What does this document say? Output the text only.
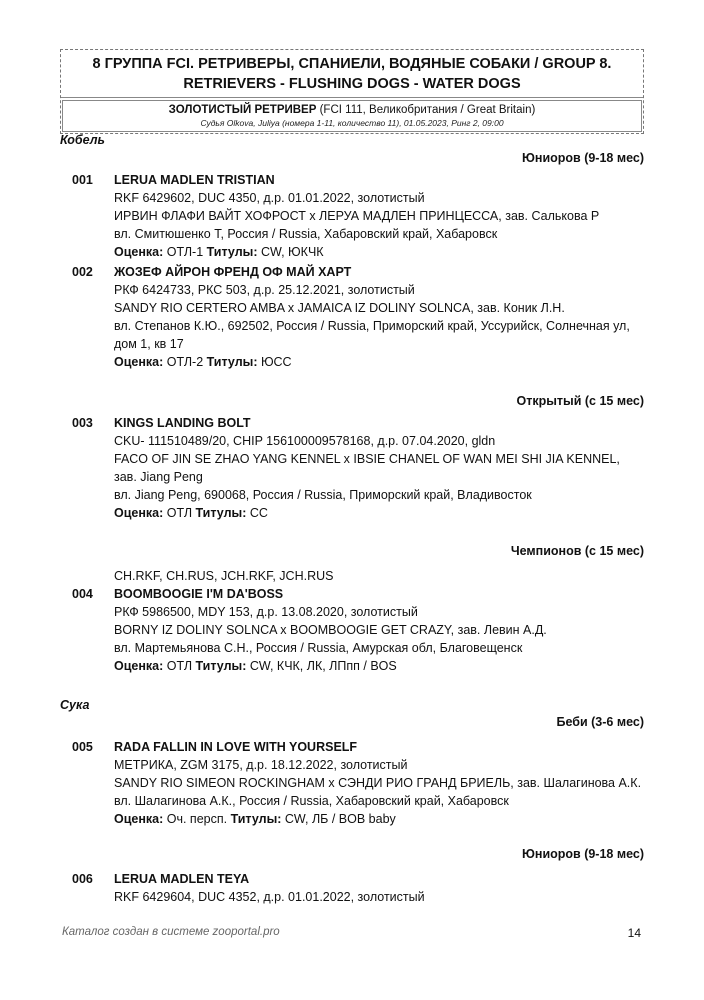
8 ГРУППА FCI. РЕТРИВЕРЫ, СПАНИЕЛИ, ВОДЯНЫЕ СОБАКИ / GROUP 8.
RETRIEVERS - FLUSHING DOGS - WATER DOGS
ЗОЛОТИСТЫЙ РЕТРИВЕР (FCI 111, Великобритания / Great Britain)
Судья Olkova, Juliya (номера 1-11, количество 11), 01.05.2023, Ринг 2, 09:00
Кобель
Юниоров (9-18 мес)
001 LERUA MADLEN TRISTIAN
RKF 6429602, DUC 4350, д.р. 01.01.2022, золотистый
ИРВИН ФЛАФИ ВАЙТ ХОФРОСТ х ЛЕРУА МАДЛЕН ПРИНЦЕССА, зав. Салькова Р
вл. Смитюшенко Т, Россия / Russia, Хабаровский край, Хабаровск
Оценка: ОТЛ-1 Титулы: CW, ЮКЧК
002 ЖОЗЕФ АЙРОН ФРЕНД ОФ МАЙ ХАРТ
РКФ 6424733, РКС 503, д.р. 25.12.2021, золотистый
SANDY RIO CERTERO AMBA х JAMAICA IZ DOLINY SOLNCA, зав. Коник Л.Н.
вл. Степанов К.Ю., 692502, Россия / Russia, Приморский край, Уссурийск, Солнечная ул, дом 1, кв 17
Оценка: ОТЛ-2 Титулы: ЮСС
Открытый (с 15 мес)
003 KINGS LANDING BOLT
CKU- 111510489/20, CHIP 156100009578168, д.р. 07.04.2020, gldn
FACO OF JIN SE ZHAO YANG KENNEL x IBSIE CHANEL OF WAN MEI SHI JIA KENNEL, зав. Jiang Peng
вл. Jiang Peng, 690068, Россия / Russia, Приморский край, Владивосток
Оценка: ОТЛ Титулы: СС
Чемпионов (с 15 мес)
CH.RKF, CH.RUS, JCH.RKF, JCH.RUS
004 BOOMBOOGIE I'M DA'BOSS
РКФ 5986500, MDY 153, д.р. 13.08.2020, золотистый
BORNY IZ DOLINY SOLNCA х BOOMBOOGIE GET CRAZY, зав. Левин А.Д.
вл. Мартемьянова С.Н., Россия / Russia, Амурская обл, Благовещенск
Оценка: ОТЛ Титулы: CW, КЧК, ЛК, ЛПпп / BOS
Сука
Беби (3-6 мес)
005 RADA FALLIN IN LOVE WITH YOURSELF
МЕТРИКА, ZGM 3175, д.р. 18.12.2022, золотистый
SANDY RIO SIMEON ROCKINGHAM х СЭНДИ РИО ГРАНД БРИЕЛЬ, зав. Шалагинова А.К.
вл. Шалагинова А.К., Россия / Russia, Хабаровский край, Хабаровск
Оценка: Оч. персп. Титулы: CW, ЛБ / BOB baby
Юниоров (9-18 мес)
006 LERUA MADLEN TEYA
RKF 6429604, DUC 4352, д.р. 01.01.2022, золотистый
Каталог создан в системе zooportal.pro	14
